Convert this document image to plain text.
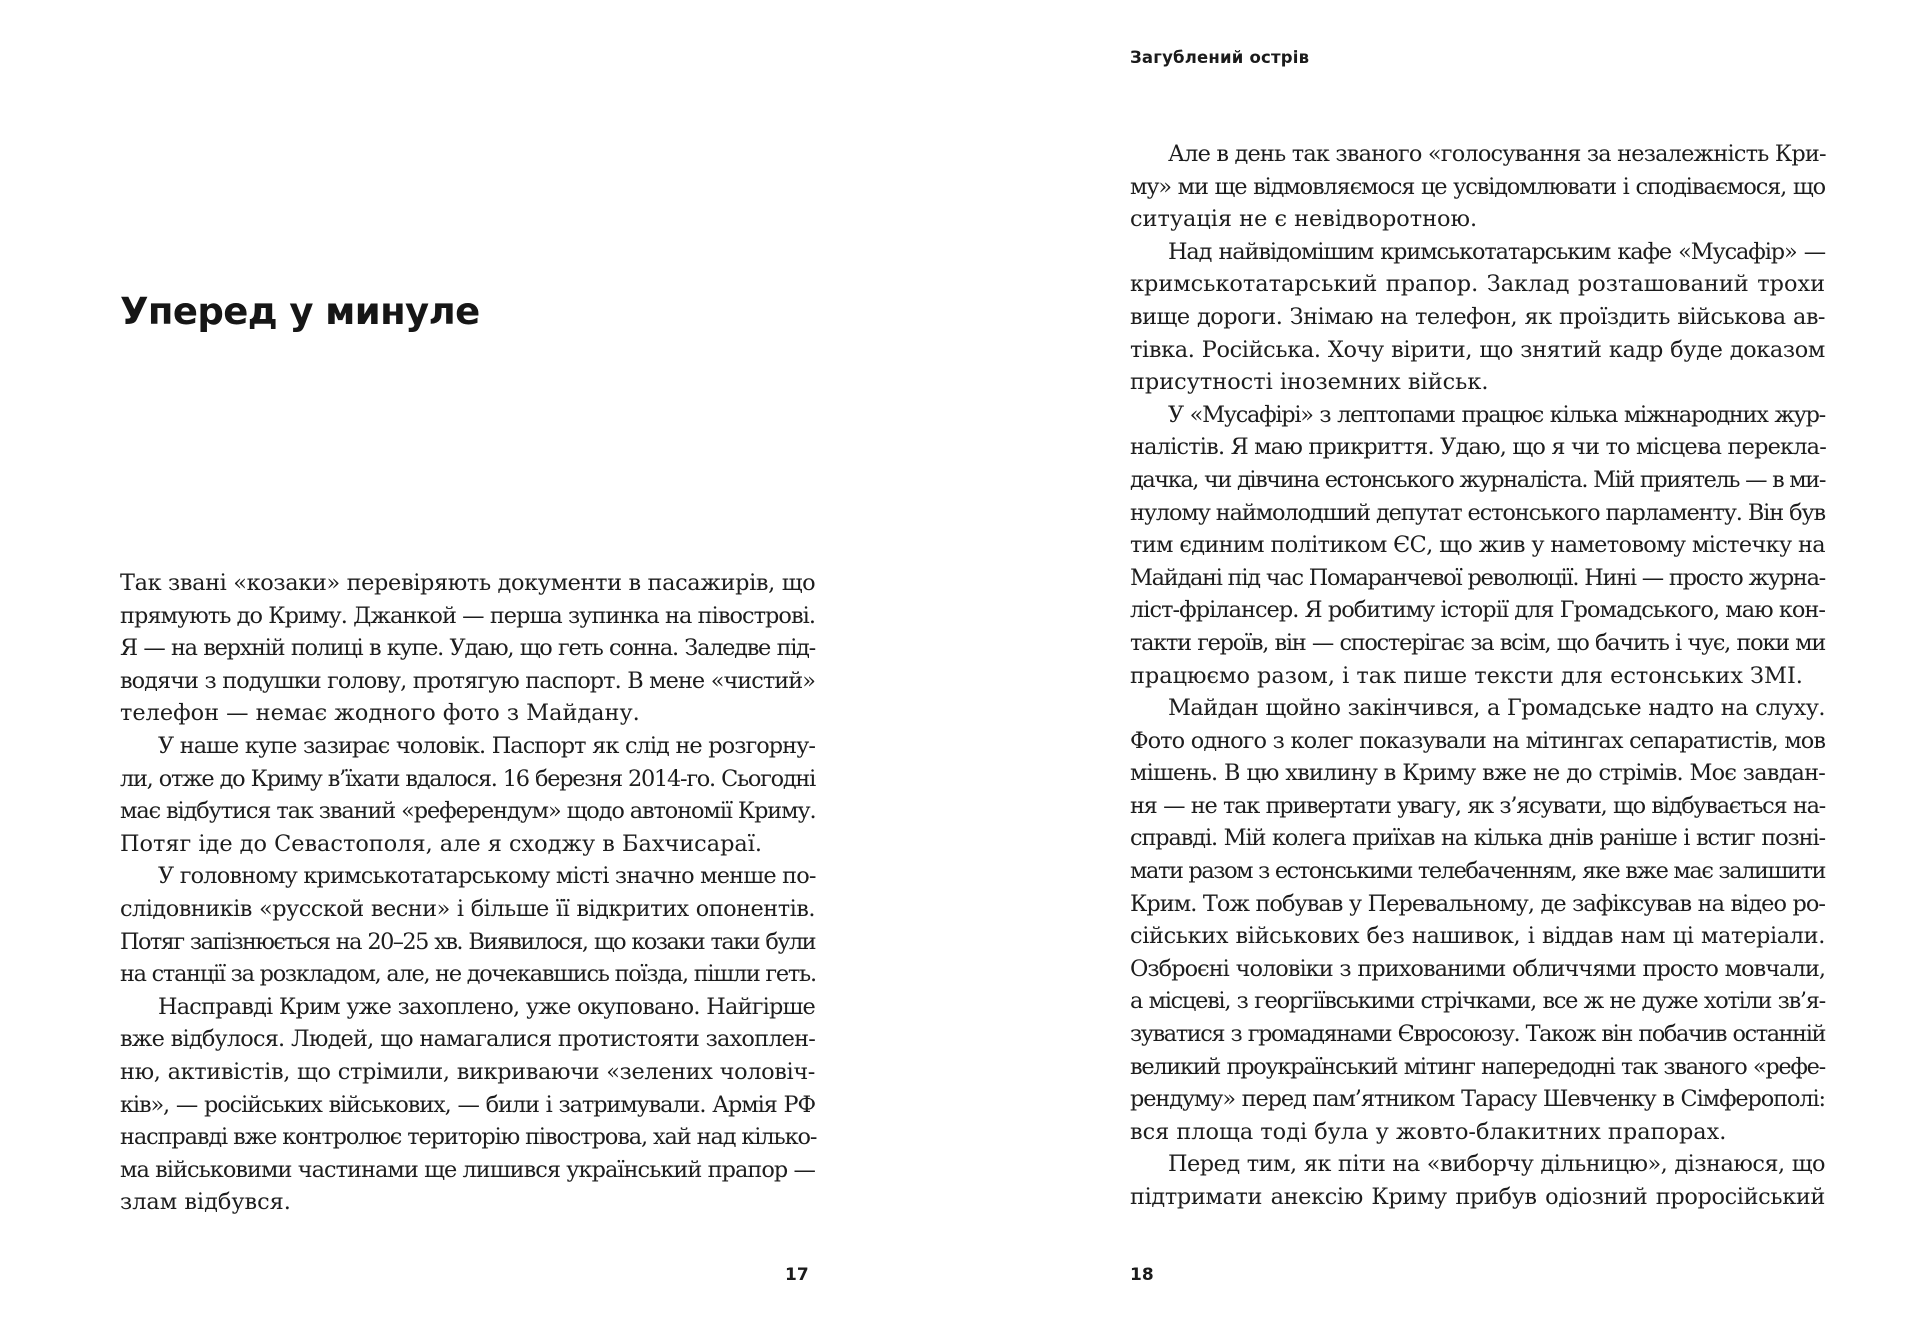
Уперед у минуле
Так звані «козаки» перевіряють документи в пасажирів, що
прямують до Криму. Джанкой — перша зупинка на півострові.
Я — на верхній полиці в купе. Удаю, що геть сонна. Заледве під-
водячи з подушки голову, протягую паспорт. В мене «чистий»
телефон — немає жодного фото з Майдану.
У наше купе зазирає чоловік. Паспорт як слід не розгорну-
ли, отже до Криму в’їхати вдалося. 16 березня 2014-го. Сьогодні
має відбутися так званий «референдум» щодо автономії Криму.
Потяг іде до Севастополя, але я сходжу в Бахчисараї.
У головному кримськотатарському місті значно менше по-
слідовників «русской весни» і більше її відкритих опонентів.
Потяг запізнюється на 20–25 хв. Виявилося, що козаки таки були
на станції за розкладом, але, не дочекавшись поїзда, пішли геть.
Насправді Крим уже захоплено, уже окуповано. Найгірше
вже відбулося. Людей, що намагалися протистояти захоплен-
ню, активістів, що стрімили, викриваючи «зелених чоловіч-
ків», — російських військових, — били і затримували. Армія РФ
насправді вже контролює територію півострова, хай над кілько-
ма військовими частинами ще лишився український прапор —
злам відбувся.
17
Загублений острів
Але в день так званого «голосування за незалежність Кри-
му» ми ще відмовляємося це усвідомлювати і сподіваємося, що
ситуація не є невідворотною.
Над найвідомішим кримськотатарським кафе «Мусафір» —
кримськотатарський прапор. Заклад розташований трохи
вище дороги. Знімаю на телефон, як проїздить військова ав-
тівка. Російська. Хочу вірити, що знятий кадр буде доказом
присутності іноземних військ.
У «Мусафірі» з лептопами працює кілька міжнародних жур-
налістів. Я маю прикриття. Удаю, що я чи то місцева перекла-
дачка, чи дівчина естонського журналіста. Мій приятель — в ми-
нулому наймолодший депутат естонського парламенту. Він був
тим єдиним політиком ЄС, що жив у наметовому містечку на
Майдані під час Помаранчевої революції. Нині — просто журна-
ліст-фрілансер. Я робитиму історії для Громадського, маю кон-
такти героїв, він — спостерігає за всім, що бачить і чує, поки ми
працюємо разом, і так пише тексти для естонських ЗМІ.
Майдан щойно закінчився, а Громадське надто на слуху.
Фото одного з колег показували на мітингах сепаратистів, мов
мішень. В цю хвилину в Криму вже не до стрімів. Моє завдан-
ня — не так привертати увагу, як з’ясувати, що відбувається на-
справді. Мій колега приїхав на кілька днів раніше і встиг позні-
мати разом з естонськими телебаченням, яке вже має залишити
Крим. Тож побував у Перевальному, де зафіксував на відео ро-
сійських військових без нашивок, і віддав нам ці матеріали.
Озброєні чоловіки з прихованими обличчями просто мовчали,
а місцеві, з георгіївськими стрічками, все ж не дуже хотіли зв’я-
зуватися з громадянами Євросоюзу. Також він побачив останній
великий проукраїнський мітинг напередодні так званого «рефе-
рендуму» перед пам’ятником Тарасу Шевченку в Сімферополі:
вся площа тоді була у жовто-блакитних прапорах.
Перед тим, як піти на «виборчу дільницю», дізнаюся, що
підтримати анексію Криму прибув одіозний проросійський
18
